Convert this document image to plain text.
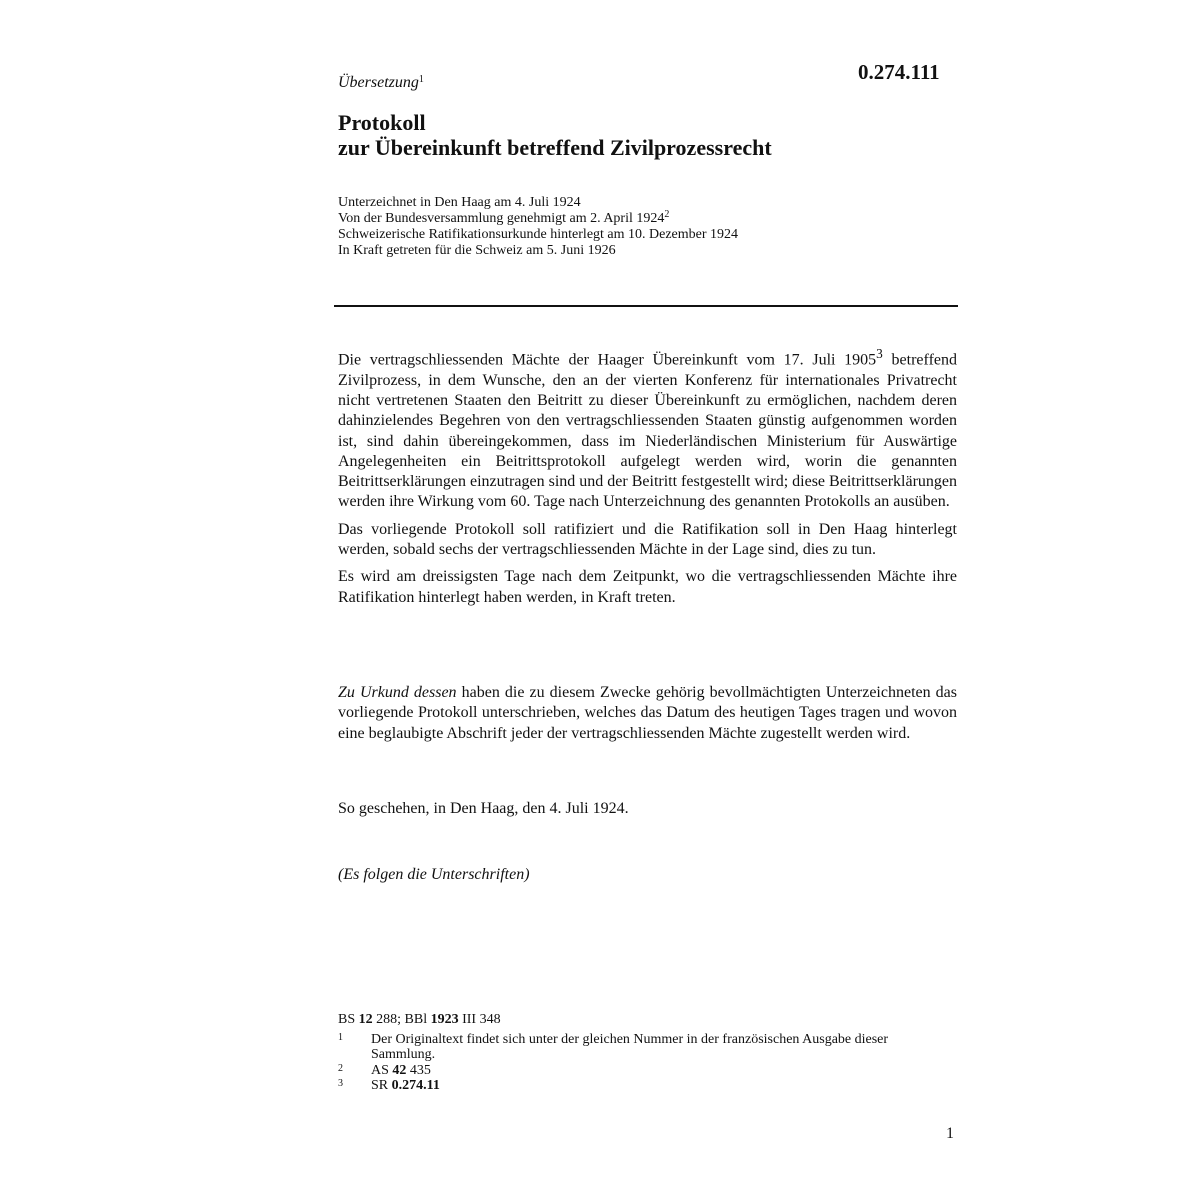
0.274.111
Übersetzung$^1$
Protokoll
zur Übereinkunft betreffend Zivilprozessrecht
Unterzeichnet in Den Haag am 4. Juli 1924
Von der Bundesversammlung genehmigt am 2. April 1924$^2$
Schweizerische Ratifikationsurkunde hinterlegt am 10. Dezember 1924
In Kraft getreten für die Schweiz am 5. Juni 1926

Die vertragschliessenden Mächte der Haager Übereinkunft vom 17. Juli 1905$^3$ betreffend Zivilprozess, in dem Wunsche, den an der vierten Konferenz für internationales Privatrecht nicht vertretenen Staaten den Beitritt zu dieser Übereinkunft zu ermöglichen, nachdem deren dahinzielendes Begehren von den vertragschliessenden Staaten günstig aufgenommen worden ist, sind dahin übereingekommen, dass im Niederländischen Ministerium für Auswärtige Angelegenheiten ein Beitrittsprotokoll aufgelegt werden wird, worin die genannten Beitrittserklärungen einzutragen sind und der Beitritt festgestellt wird; diese Beitrittserklärungen werden ihre Wirkung vom 60. Tage nach Unterzeichnung des genannten Protokolls an ausüben.

Das vorliegende Protokoll soll ratifiziert und die Ratifikation soll in Den Haag hinterlegt werden, sobald sechs der vertragschliessenden Mächte in der Lage sind, dies zu tun.

Es wird am dreissigsten Tage nach dem Zeitpunkt, wo die vertragschliessenden Mächte ihre Ratifikation hinterlegt haben werden, in Kraft treten.

Zu Urkund dessen haben die zu diesem Zwecke gehörig bevollmächtigten Unterzeichneten das vorliegende Protokoll unterschrieben, welches das Datum des heutigen Tages tragen und wovon eine beglaubigte Abschrift jeder der vertragschliessenden Mächte zugestellt werden wird.

So geschehen, in Den Haag, den 4. Juli 1924.
(Es folgen die Unterschriften)
BS 12 288; BBl 1923 III 348
1	Der Originaltext findet sich unter der gleichen Nummer in der französischen Ausgabe dieser Sammlung.
2	AS 42 435
3	SR 0.274.11
1
